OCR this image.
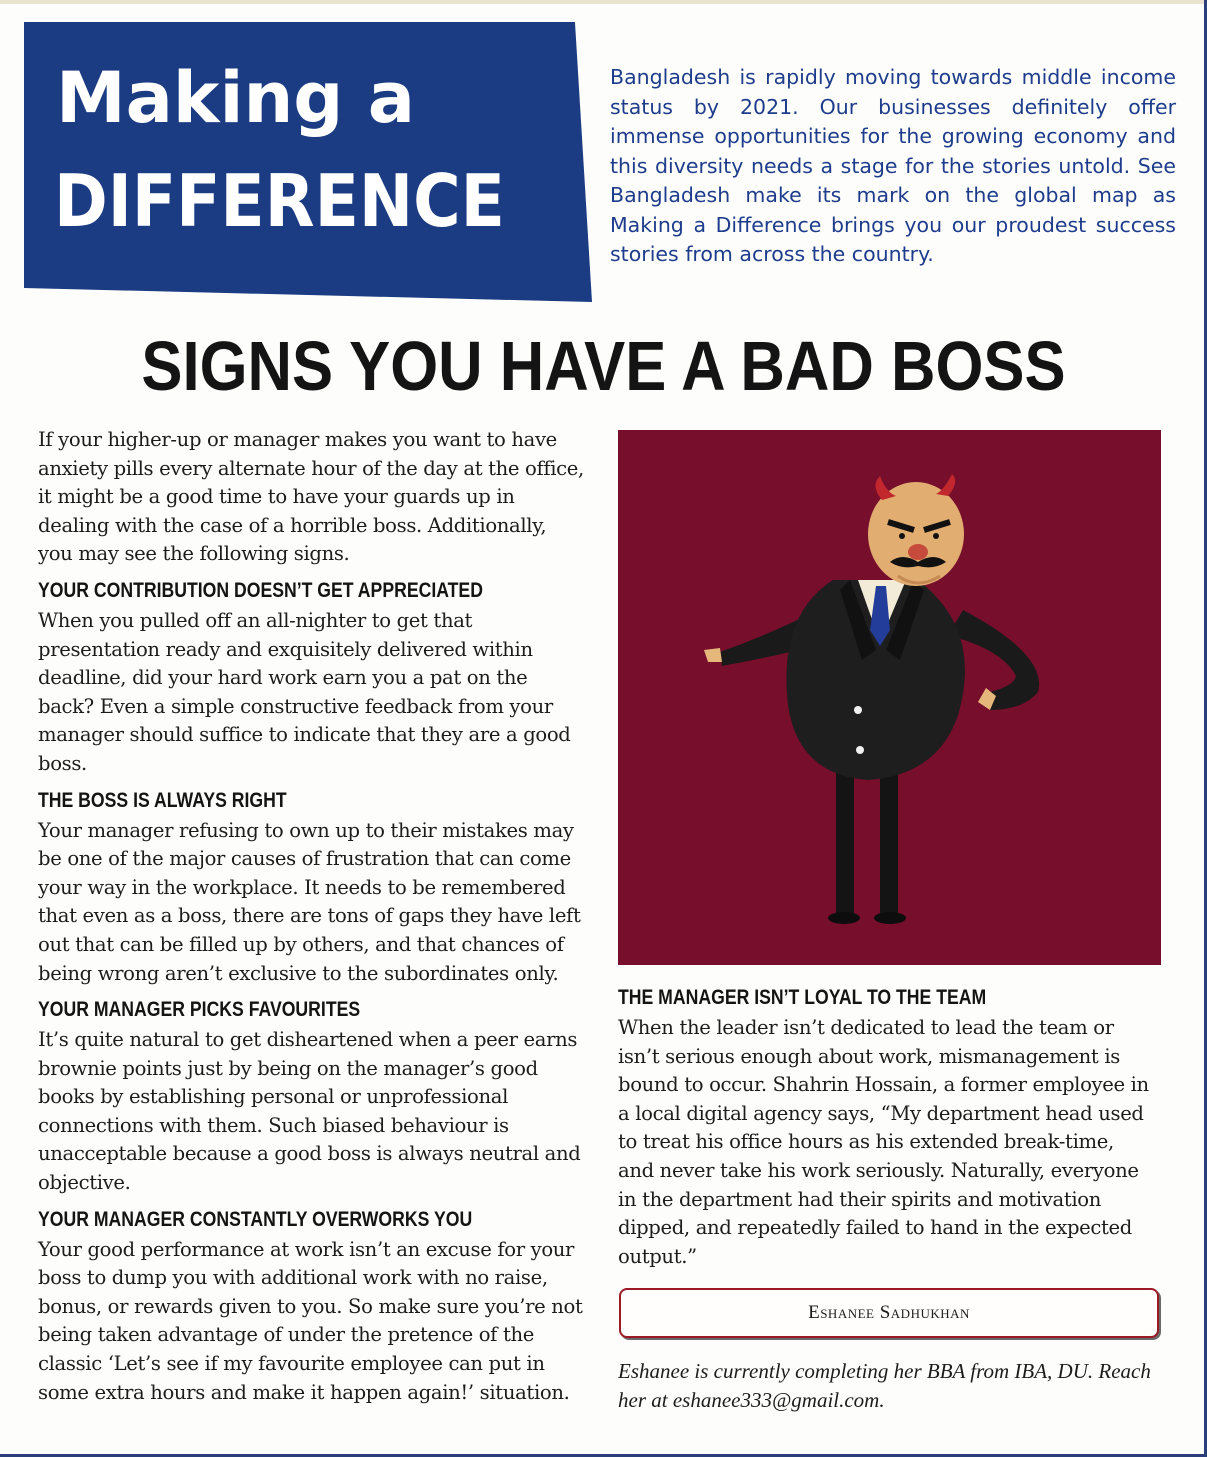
Making a
DIFFERENCE

Bangladesh is rapidly moving towards middle income status by 2021. Our businesses definitely offer immense opportunities for the growing economy and this diversity needs a stage for the stories untold. See Bangladesh make its mark on the global map as Making a Difference brings you our proudest success stories from across the country.

SIGNS YOU HAVE A BAD BOSS

If your higher-up or manager makes you want to have anxiety pills every alternate hour of the day at the office, it might be a good time to have your guards up in dealing with the case of a horrible boss. Additionally, you may see the following signs.

YOUR CONTRIBUTION DOESN’T GET APPRECIATED

When you pulled off an all-nighter to get that presentation ready and exquisitely delivered within deadline, did your hard work earn you a pat on the back? Even a simple constructive feedback from your manager should suffice to indicate that they are a good boss.

THE BOSS IS ALWAYS RIGHT

Your manager refusing to own up to their mistakes may be one of the major causes of frustration that can come your way in the workplace. It needs to be remembered that even as a boss, there are tons of gaps they have left out that can be filled up by others, and that chances of being wrong aren’t exclusive to the subordinates only.

YOUR MANAGER PICKS FAVOURITES

It’s quite natural to get disheartened when a peer earns brownie points just by being on the manager’s good books by establishing personal or unprofessional connections with them. Such biased behaviour is unacceptable because a good boss is always neutral and objective.

YOUR MANAGER CONSTANTLY OVERWORKS YOU

Your good performance at work isn’t an excuse for your boss to dump you with additional work with no raise, bonus, or rewards given to you. So make sure you’re not being taken advantage of under the pretence of the classic ‘Let’s see if my favourite employee can put in some extra hours and make it happen again!’ situation.

THE MANAGER ISN’T LOYAL TO THE TEAM

When the leader isn’t dedicated to lead the team or isn’t serious enough about work, mismanagement is bound to occur. Shahrin Hossain, a former employee in a local digital agency says, “My department head used to treat his office hours as his extended break-time, and never take his work seriously. Naturally, everyone in the department had their spirits and motivation dipped, and repeatedly failed to hand in the expected output.”

Eshanee Sadhukhan

Eshanee is currently completing her BBA from IBA, DU. Reach her at eshanee333@gmail.com.
